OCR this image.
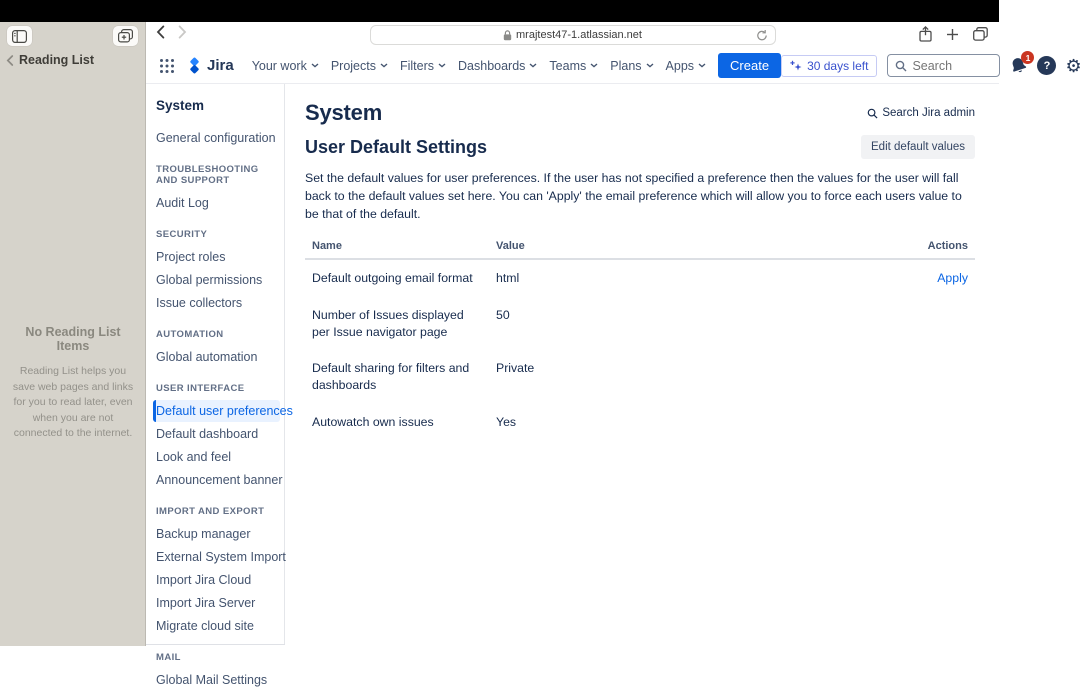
Reading List
No Reading List Items
Reading List helps you save web pages and links for you to read later, even when you are not connected to the internet.
mrajtest47-1.atlassian.net
Jira Your work Projects Filters Dashboards Teams Plans Apps	Create	30 days left
Search
1
? ⚙
System
General configuration
TROUBLESHOOTING AND SUPPORT
Audit Log
SECURITY
Project roles
Global permissions
Issue collectors
AUTOMATION
Global automation
USER INTERFACE
Default user preferences
Default dashboard
Look and feel
Announcement banner
IMPORT AND EXPORT
Backup manager
External System Import
Import Jira Cloud
Import Jira Server
Migrate cloud site
MAIL
Global Mail Settings
System	Search Jira admin
User Default Settings	Edit default values

Set the default values for user preferences. If the user has not specified a preference then the values for the user will fall back to the default values set here. You can 'Apply' the email preference which will allow you to force each users value to be that of the default.

Name	Value	Actions
Default outgoing email format	html	Apply
Number of Issues displayed per Issue navigator page	50	
Default sharing for filters and dashboards	Private	
Autowatch own issues	Yes	
